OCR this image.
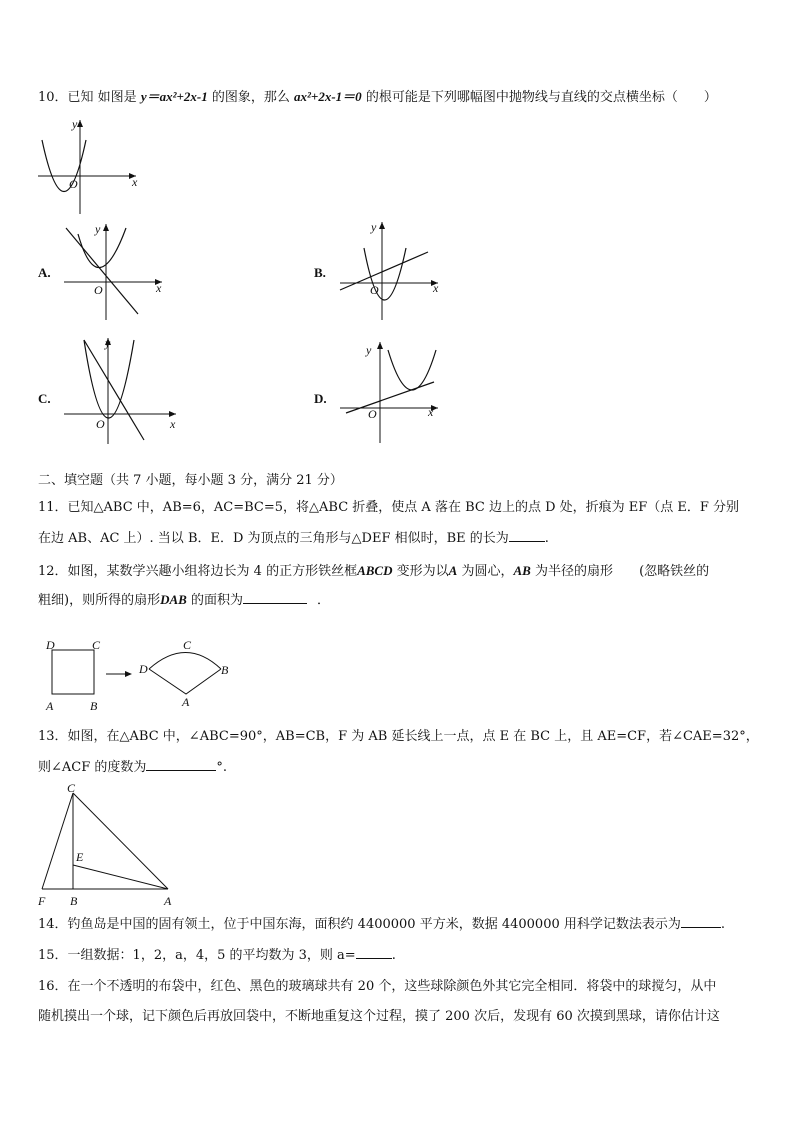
10．已知 如图是 y＝ax²+2x-1 的图象，那么 ax²+2x-1＝0 的根可能是下列哪幅图中抛物线与直线的交点横坐标（　　）
y
x
O
A.
y
x
O
B.
y
x
O
C.
y
x
O
D.
y
x
O
二、填空题（共 7 小题，每小题 3 分，满分 21 分）
11．已知△ABC 中，AB=6，AC=BC=5，将△ABC 折叠，使点 A 落在 BC 边上的点 D 处，折痕为 EF（点 E．F 分别
在边 AB、AC 上）. 当以 B．E．D 为顶点的三角形与△DEF 相似时，BE 的长为	.
12．如图，某数学兴趣小组将边长为 4 的正方形铁丝框ABCD 变形为以A 为圆心，AB 为半径的扇形 (忽略铁丝的
粗细)，则所得的扇形DAB 的面积为	．
D	C
A	B
D
C
B
A
13．如图，在△ABC 中，∠ABC=90°，AB=CB，F 为 AB 延长线上一点，点 E 在 BC 上，且 AE=CF，若∠CAE=32°，
则∠ACF 的度数为	°.
C
E
F B	A
14．钓鱼岛是中国的固有领土，位于中国东海，面积约 4400000 平方米，数据 4400000 用科学记数法表示为	.
15．一组数据：1，2，a，4，5 的平均数为 3，则 a=	.
16．在一个不透明的布袋中，红色、黑色的玻璃球共有 20 个，这些球除颜色外其它完全相同．将袋中的球搅匀，从中
随机摸出一个球，记下颜色后再放回袋中，不断地重复这个过程，摸了 200 次后，发现有 60 次摸到黑球，请你估计这
